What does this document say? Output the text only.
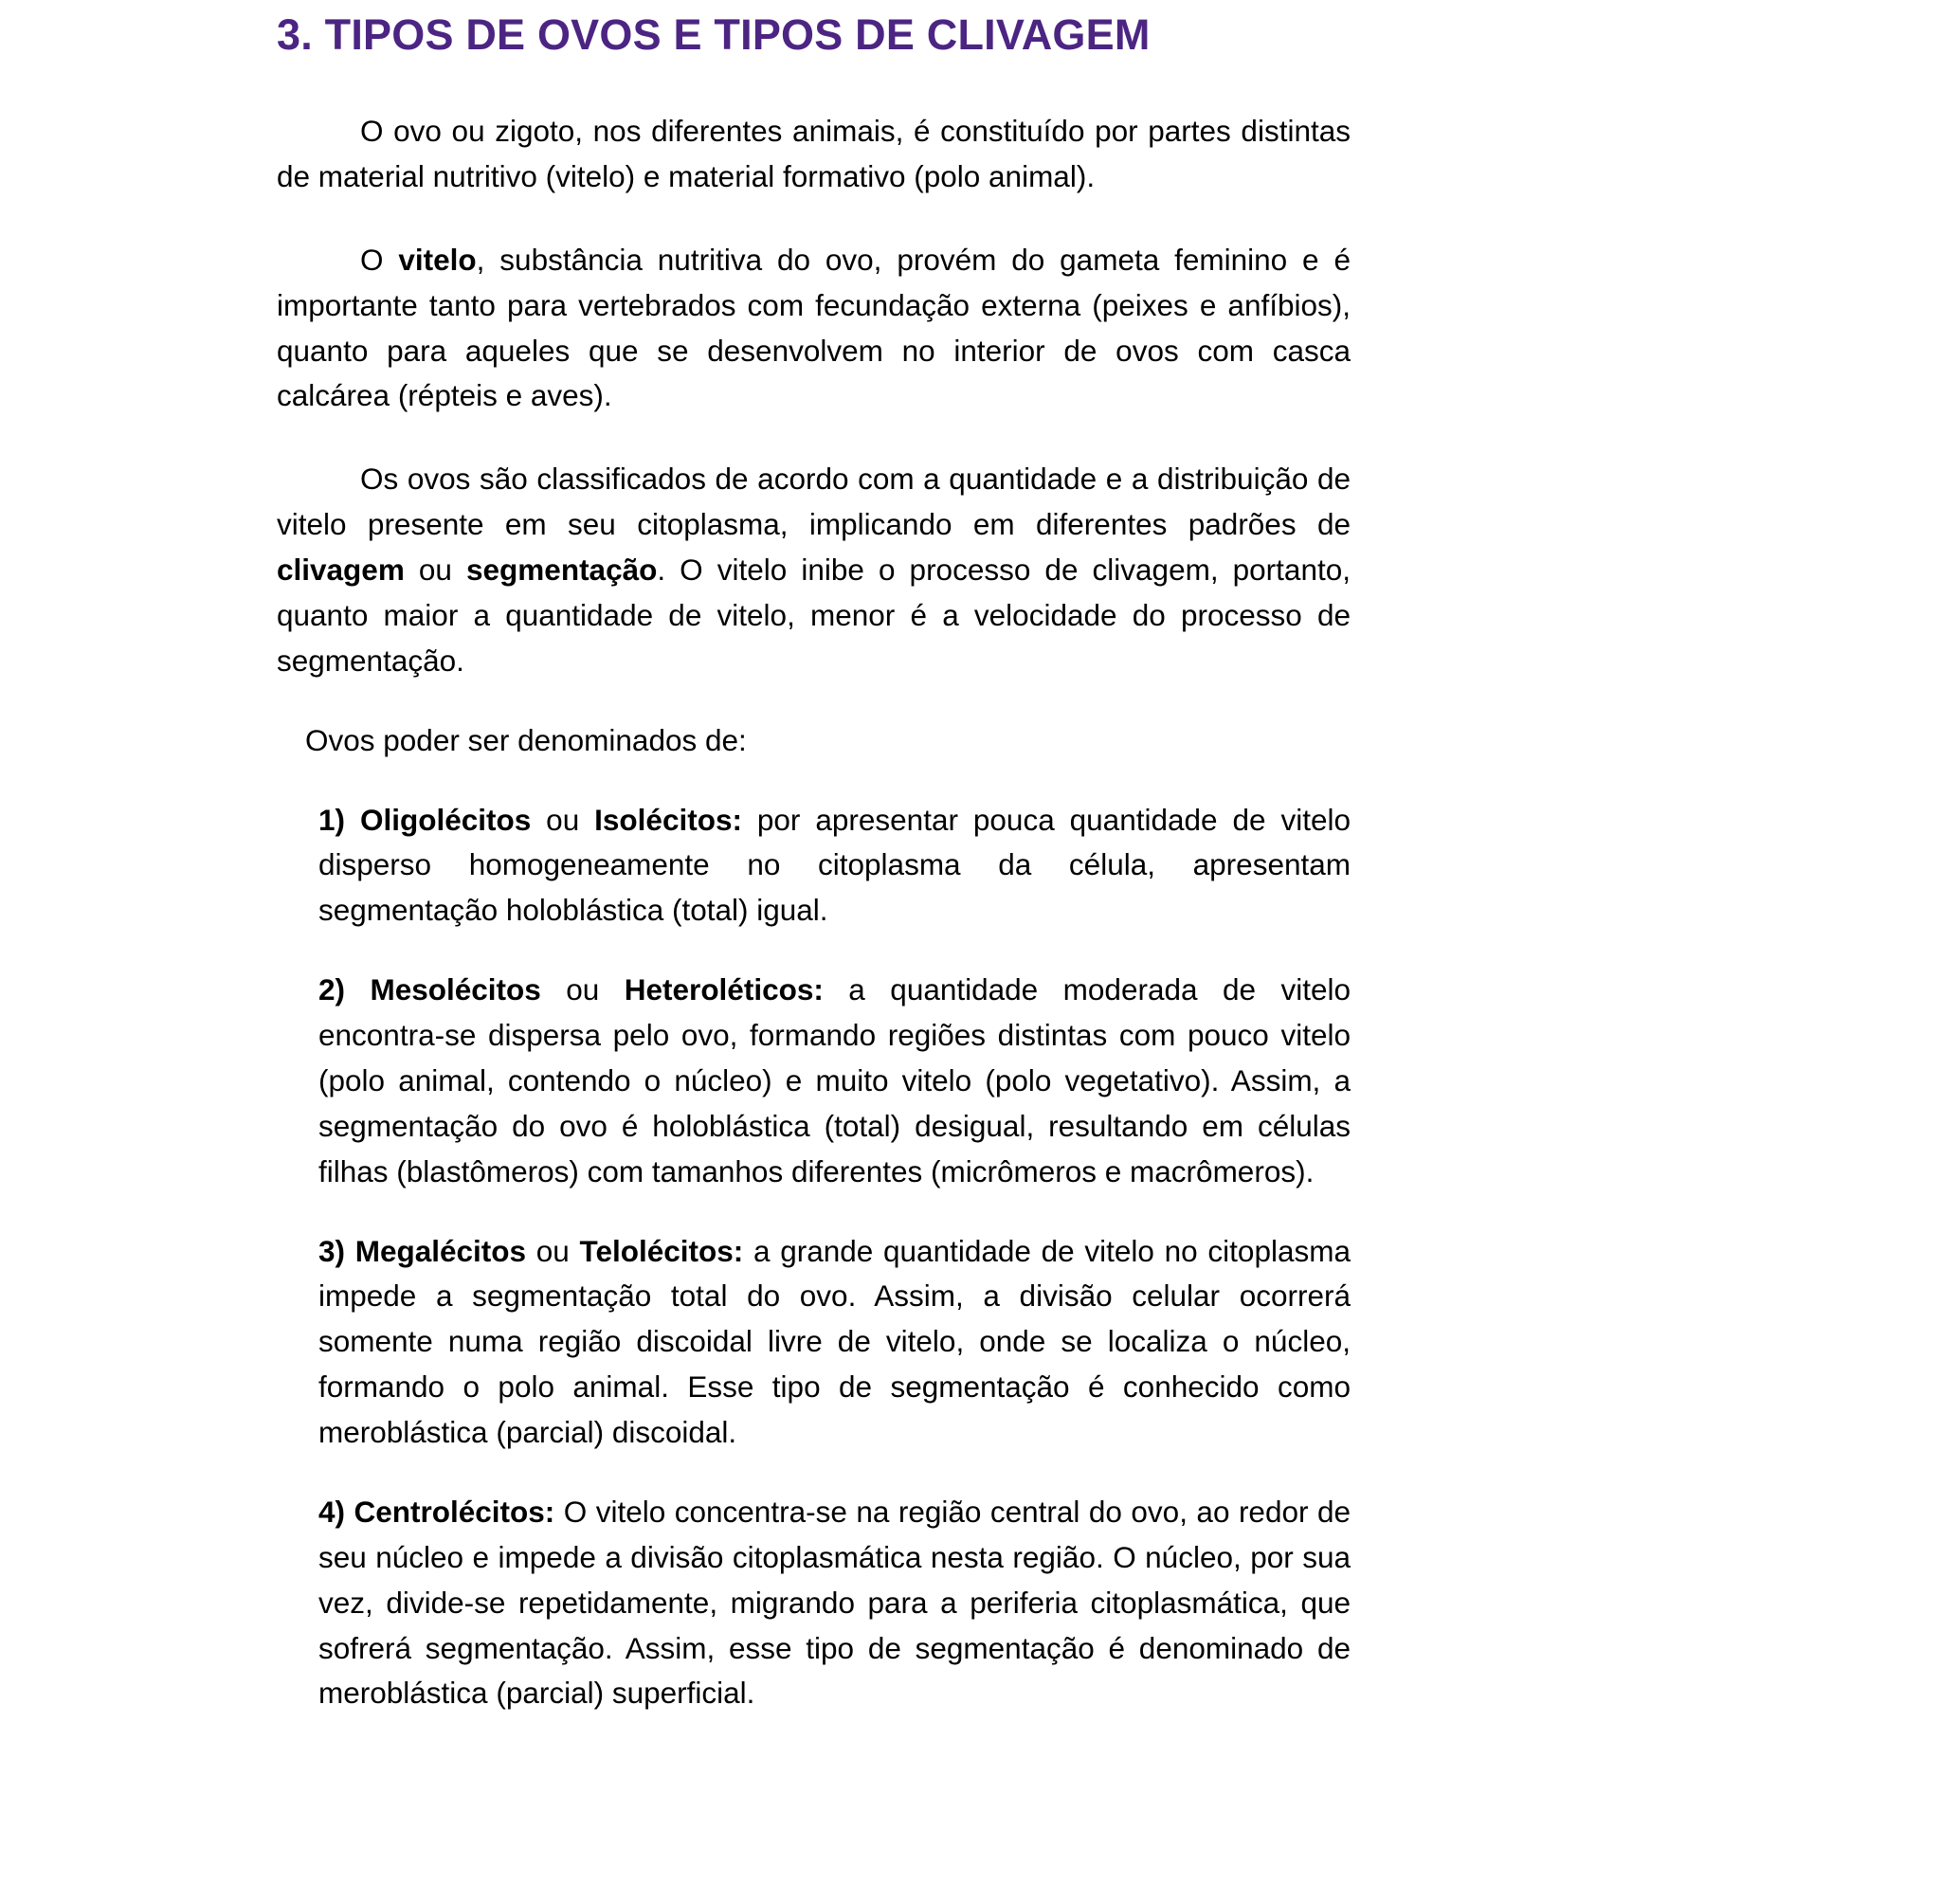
3. TIPOS DE OVOS E TIPOS DE CLIVAGEM

O ovo ou zigoto, nos diferentes animais, é constituído por partes distintas de material nutritivo (vitelo) e material formativo (polo animal).

O vitelo, substância nutritiva do ovo, provém do gameta feminino e é importante tanto para vertebrados com fecundação externa (peixes e anfíbios), quanto para aqueles que se desenvolvem no interior de ovos com casca calcárea (répteis e aves).

Os ovos são classificados de acordo com a quantidade e a distribuição de vitelo presente em seu citoplasma, implicando em diferentes padrões de clivagem ou segmentação. O vitelo inibe o processo de clivagem, portanto, quanto maior a quantidade de vitelo, menor é a velocidade do processo de segmentação.

Ovos poder ser denominados de:

1) Oligolécitos ou Isolécitos: por apresentar pouca quantidade de vitelo disperso homogeneamente no citoplasma da célula, apresentam segmentação holoblástica (total) igual.

2) Mesolécitos ou Heteroléticos: a quantidade moderada de vitelo encontra-se dispersa pelo ovo, formando regiões distintas com pouco vitelo (polo animal, contendo o núcleo) e muito vitelo (polo vegetativo). Assim, a segmentação do ovo é holoblástica (total) desigual, resultando em células filhas (blastômeros) com tamanhos diferentes (micrômeros e macrômeros).

3) Megalécitos ou Telolécitos: a grande quantidade de vitelo no citoplasma impede a segmentação total do ovo. Assim, a divisão celular ocorrerá somente numa região discoidal livre de vitelo, onde se localiza o núcleo, formando o polo animal. Esse tipo de segmentação é conhecido como meroblástica (parcial) discoidal.

4) Centrolécitos: O vitelo concentra-se na região central do ovo, ao redor de seu núcleo e impede a divisão citoplasmática nesta região. O núcleo, por sua vez, divide-se repetidamente, migrando para a periferia citoplasmática, que sofrerá segmentação. Assim, esse tipo de segmentação é denominado de meroblástica (parcial) superficial.
